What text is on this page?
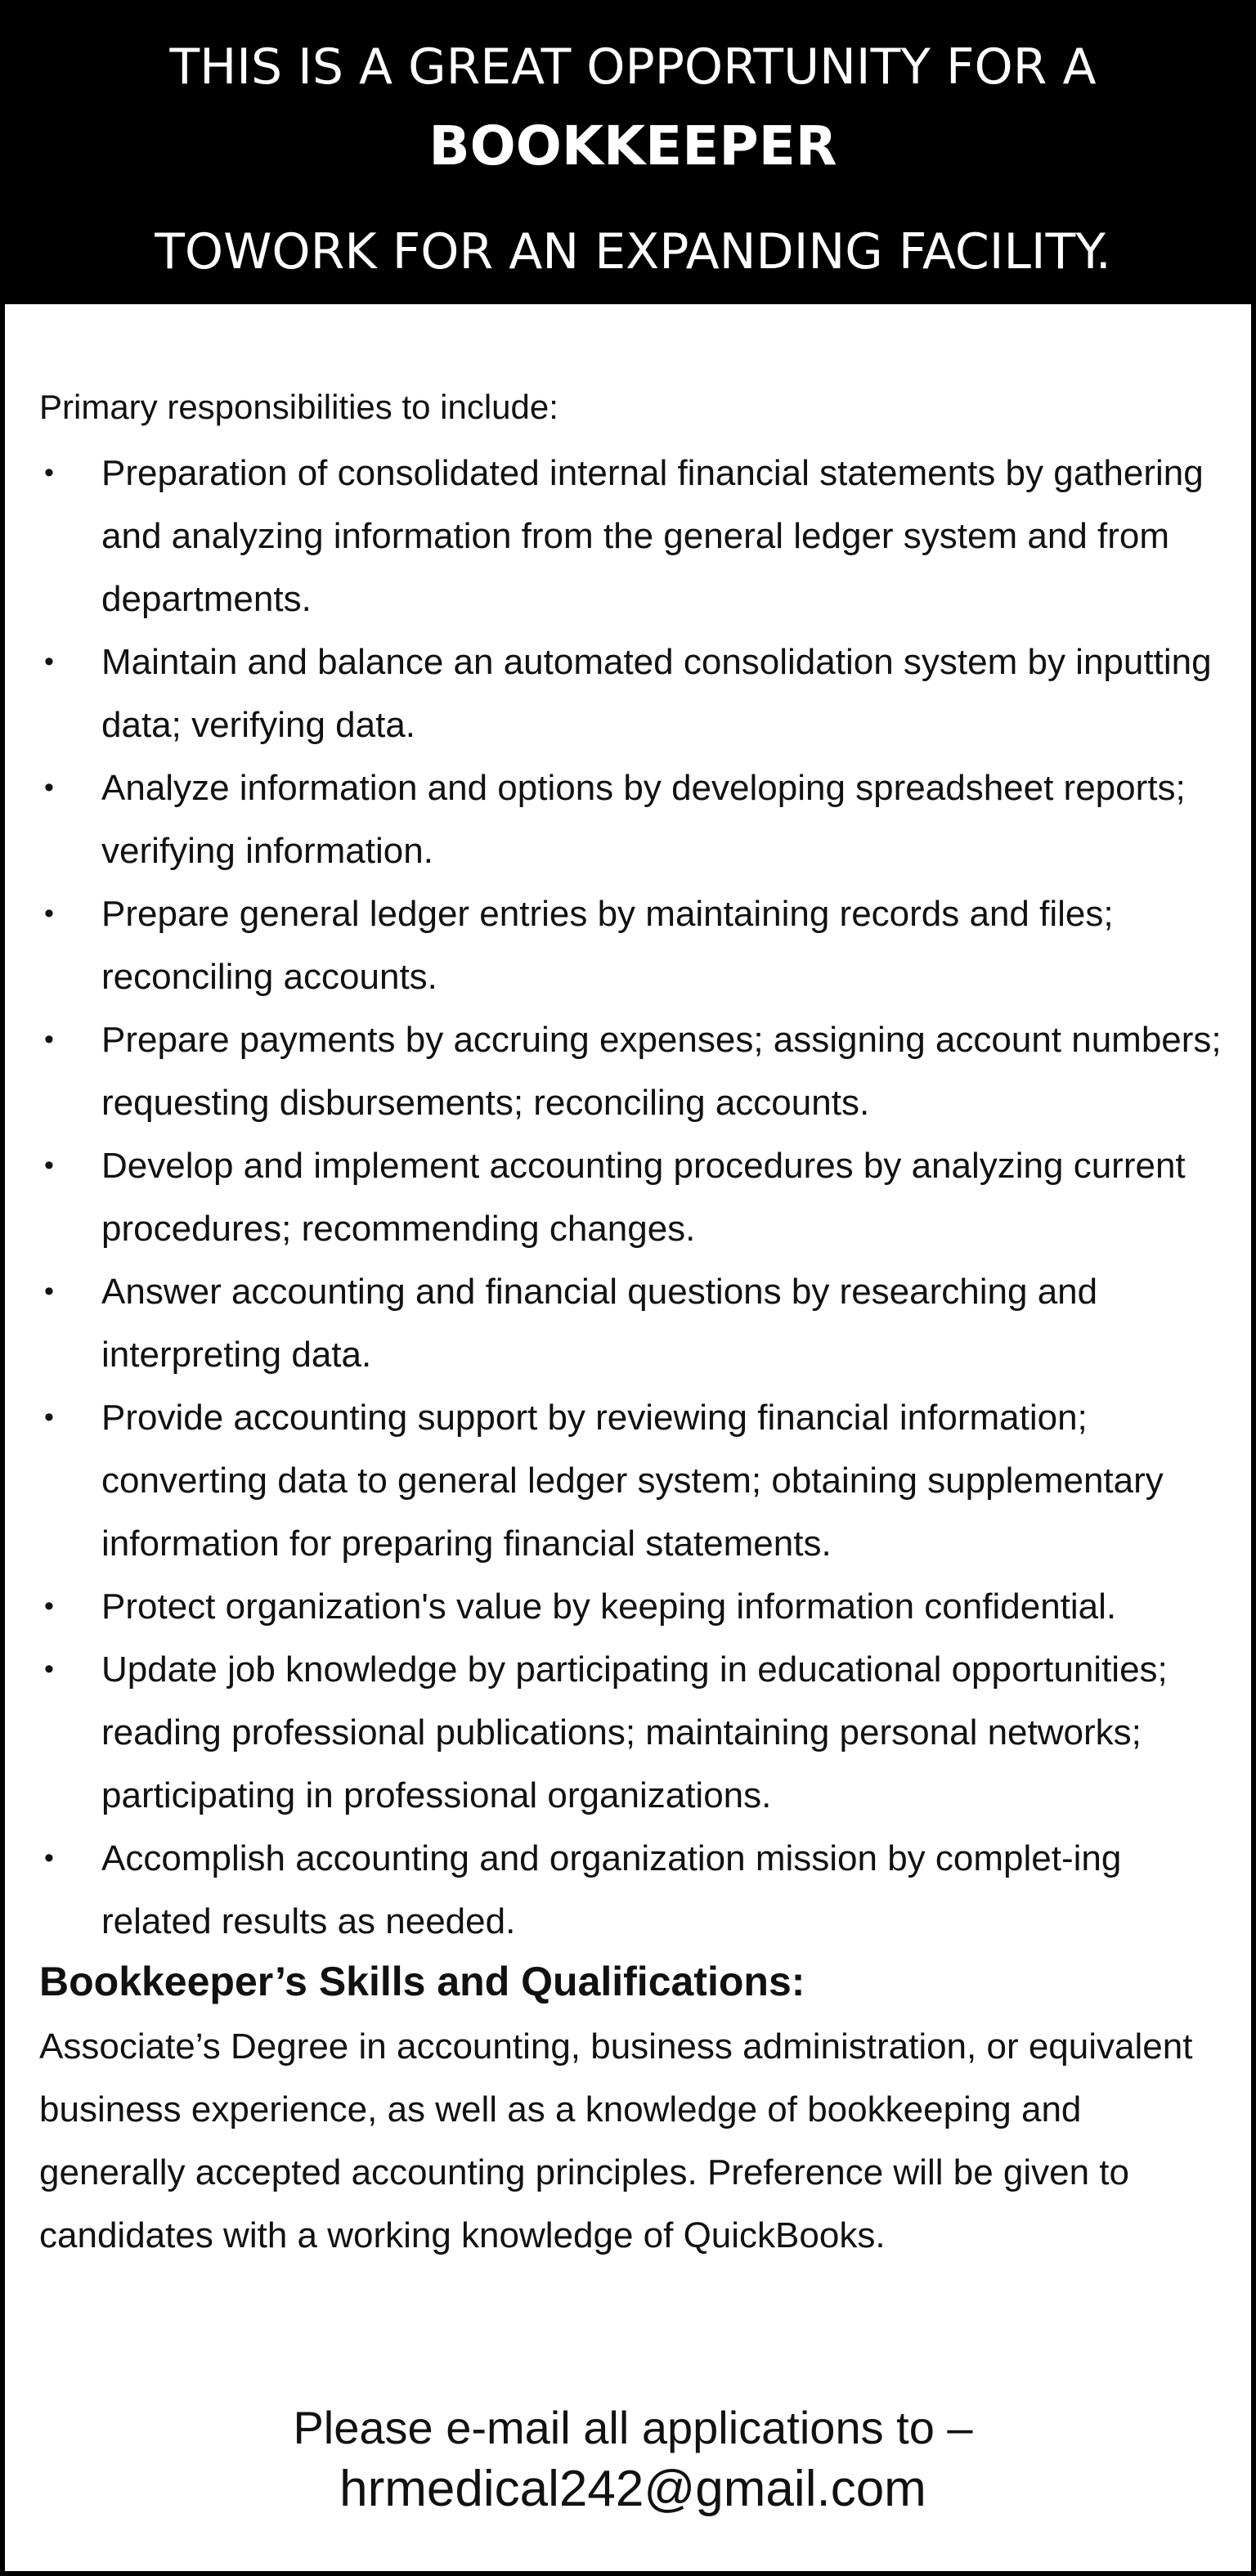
THIS IS A GREAT OPPORTUNITY FOR A
BOOKKEEPER
TOWORK FOR AN EXPANDING FACILITY.

Primary responsibilities to include:

• Preparation of consolidated internal financial statements by gathering and analyzing information from the general ledger system and from departments.
• Maintain and balance an automated consolidation system by inputting data; verifying data.
• Analyze information and options by developing spreadsheet reports; verifying information.
• Prepare general ledger entries by maintaining records and files; reconciling accounts.
• Prepare payments by accruing expenses; assigning account numbers; requesting disbursements; reconciling accounts.
• Develop and implement accounting procedures by analyzing current procedures; recommending changes.
• Answer accounting and financial questions by researching and interpreting data.
• Provide accounting support by reviewing financial information; converting data to general ledger system; obtaining supplementary information for preparing financial statements.
• Protect organization's value by keeping information confidential.
• Update job knowledge by participating in educational opportunities; reading professional publications; maintaining personal networks; participating in professional organizations.
• Accomplish accounting and organization mission by complet-ing related results as needed.
Bookkeeper’s Skills and Qualifications:
Associate’s Degree in accounting, business administration, or equivalent business experience, as well as a knowledge of bookkeeping and generally accepted accounting principles. Preference will be given to candidates with a working knowledge of QuickBooks.
Please e-mail all applications to –
hrmedical242@gmail.com
